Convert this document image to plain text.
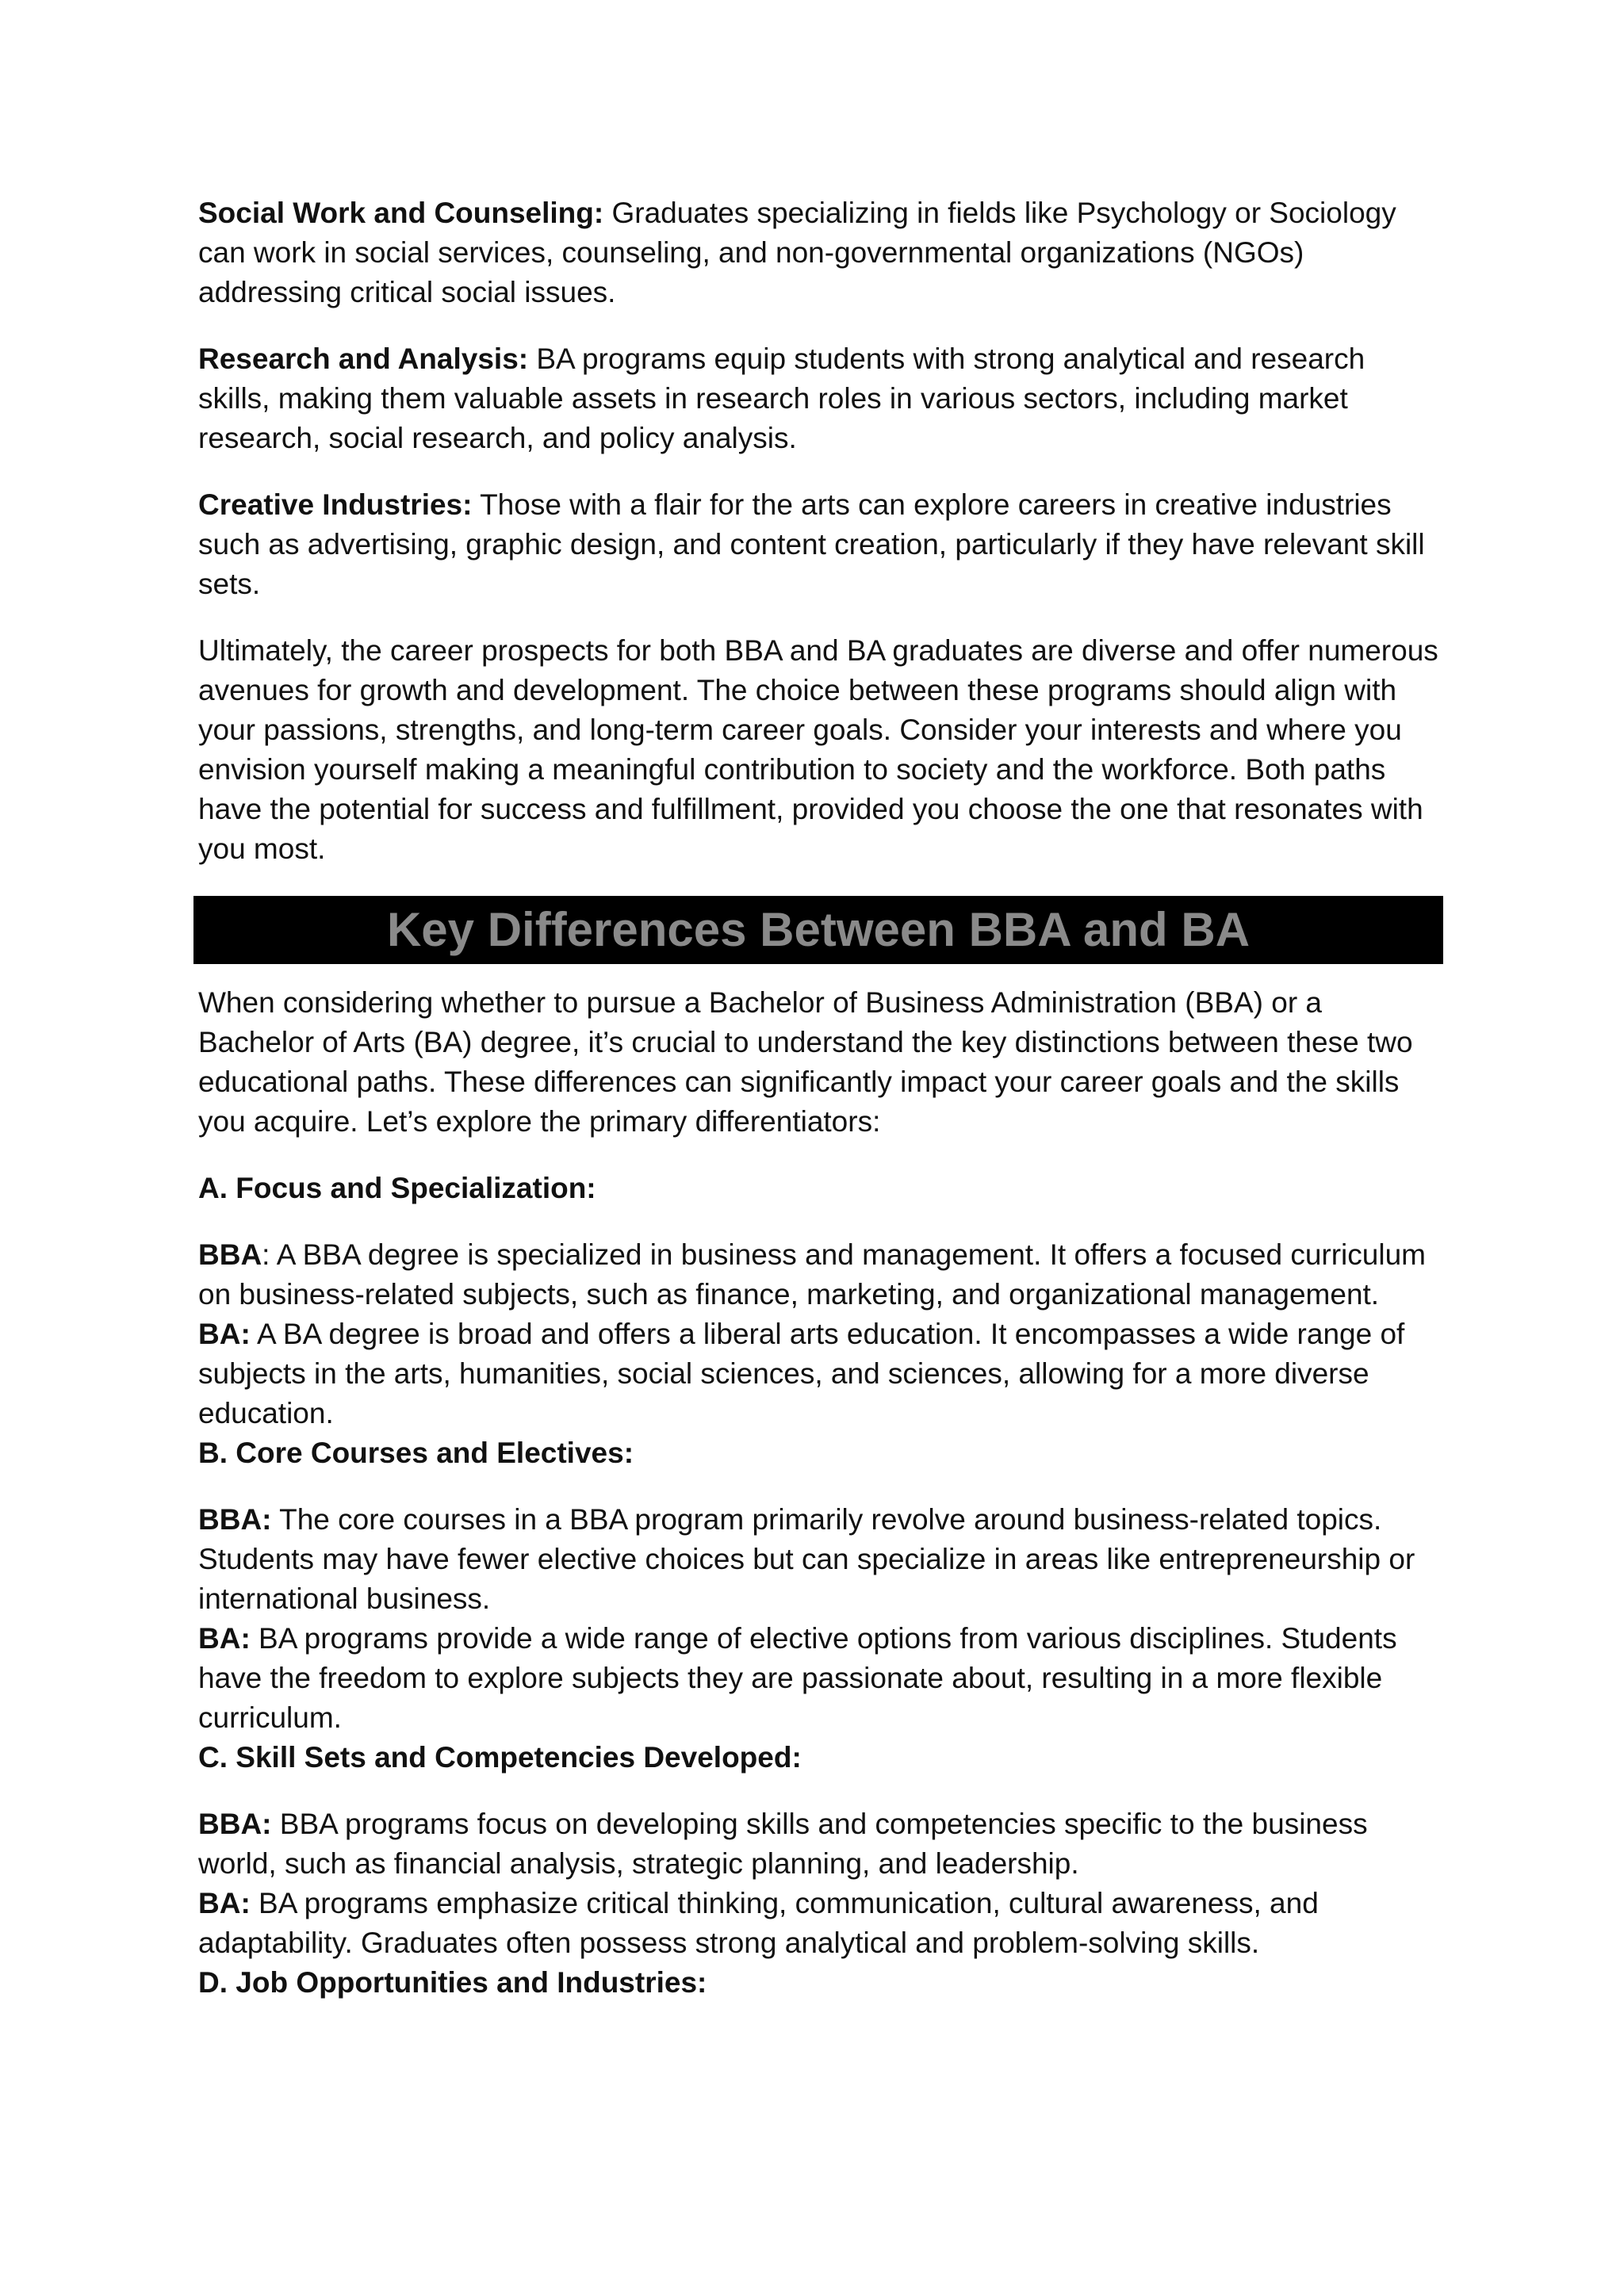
Social Work and Counseling: Graduates specializing in fields like Psychology or Sociology can work in social services, counseling, and non-governmental organizations (NGOs) addressing critical social issues.

Research and Analysis: BA programs equip students with strong analytical and research skills, making them valuable assets in research roles in various sectors, including market research, social research, and policy analysis.

Creative Industries: Those with a flair for the arts can explore careers in creative industries such as advertising, graphic design, and content creation, particularly if they have relevant skill sets.

Ultimately, the career prospects for both BBA and BA graduates are diverse and offer numerous avenues for growth and development. The choice between these programs should align with your passions, strengths, and long-term career goals. Consider your interests and where you envision yourself making a meaningful contribution to society and the workforce. Both paths have the potential for success and fulfillment, provided you choose the one that resonates with you most.

Key Differences Between BBA and BA

When considering whether to pursue a Bachelor of Business Administration (BBA) or a Bachelor of Arts (BA) degree, it’s crucial to understand the key distinctions between these two educational paths. These differences can significantly impact your career goals and the skills you acquire. Let’s explore the primary differentiators:

A. Focus and Specialization:

BBA: A BBA degree is specialized in business and management. It offers a focused curriculum on business-related subjects, such as finance, marketing, and organizational management.

BA: A BA degree is broad and offers a liberal arts education. It encompasses a wide range of subjects in the arts, humanities, social sciences, and sciences, allowing for a more diverse education.

B. Core Courses and Electives:

BBA: The core courses in a BBA program primarily revolve around business-related topics. Students may have fewer elective choices but can specialize in areas like entrepreneurship or international business.

BA: BA programs provide a wide range of elective options from various disciplines. Students have the freedom to explore subjects they are passionate about, resulting in a more flexible curriculum.

C. Skill Sets and Competencies Developed:

BBA: BBA programs focus on developing skills and competencies specific to the business world, such as financial analysis, strategic planning, and leadership.

BA: BA programs emphasize critical thinking, communication, cultural awareness, and adaptability. Graduates often possess strong analytical and problem-solving skills.

D. Job Opportunities and Industries:
